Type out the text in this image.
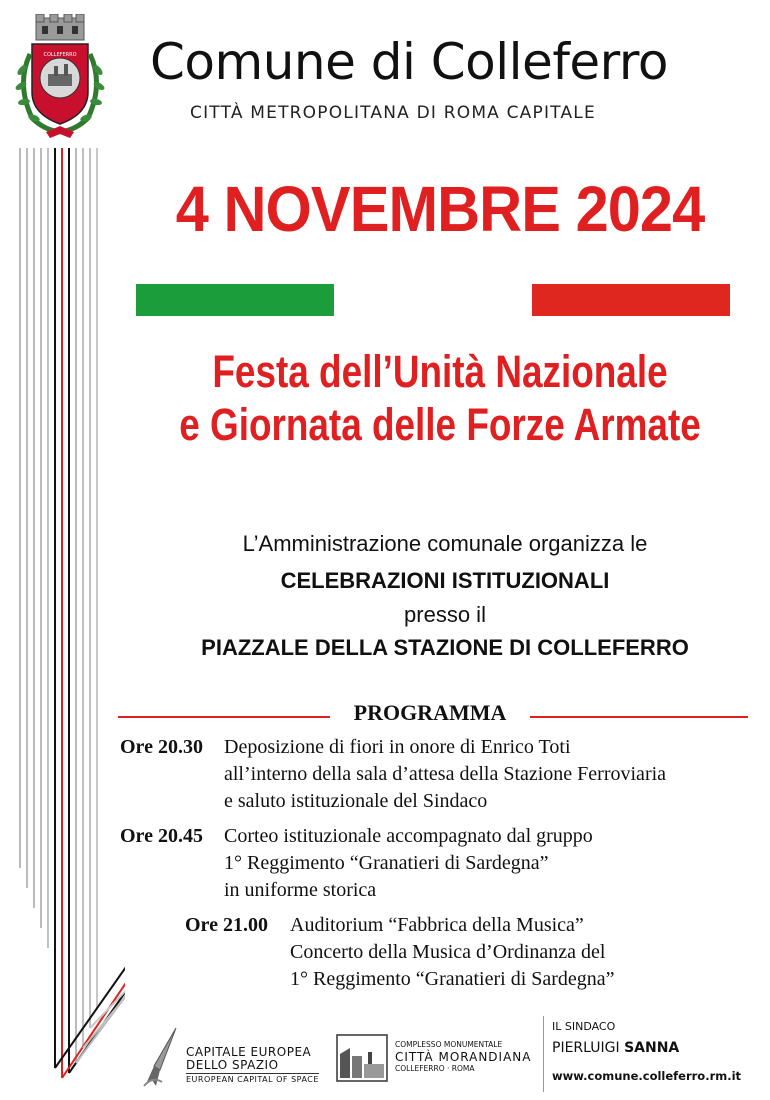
COLLEFERRO Comune di Colleferro
CITTÀ METROPOLITANA DI ROMA CAPITALE
4 NOVEMBRE 2024
Festa dell’Unità Nazionale
e Giornata delle Forze Armate
L’Amministrazione comunale organizza le
CELEBRAZIONI ISTITUZIONALI
presso il
PIAZZALE DELLA STAZIONE DI COLLEFERRO
PROGRAMMA
Ore 20.30 Deposizione di fiori in onore di Enrico Toti
all’interno della sala d’attesa della Stazione Ferroviaria
e saluto istituzionale del Sindaco
Ore 20.45 Corteo istituzionale accompagnato dal gruppo
1° Reggimento “Granatieri di Sardegna”
in uniforme storica
Ore 21.00 Auditorium “Fabbrica della Musica”
Concerto della Musica d’Ordinanza del
1° Reggimento “Granatieri di Sardegna”
CAPITALE EUROPEA
DELLO SPAZIO
EUROPEAN CAPITAL OF SPACE
COMPLESSO MONUMENTALE
CITTÀ MORANDIANA
COLLEFERRO · ROMA
IL SINDACO
PIERLUIGI SANNA
www.comune.colleferro.rm.it
